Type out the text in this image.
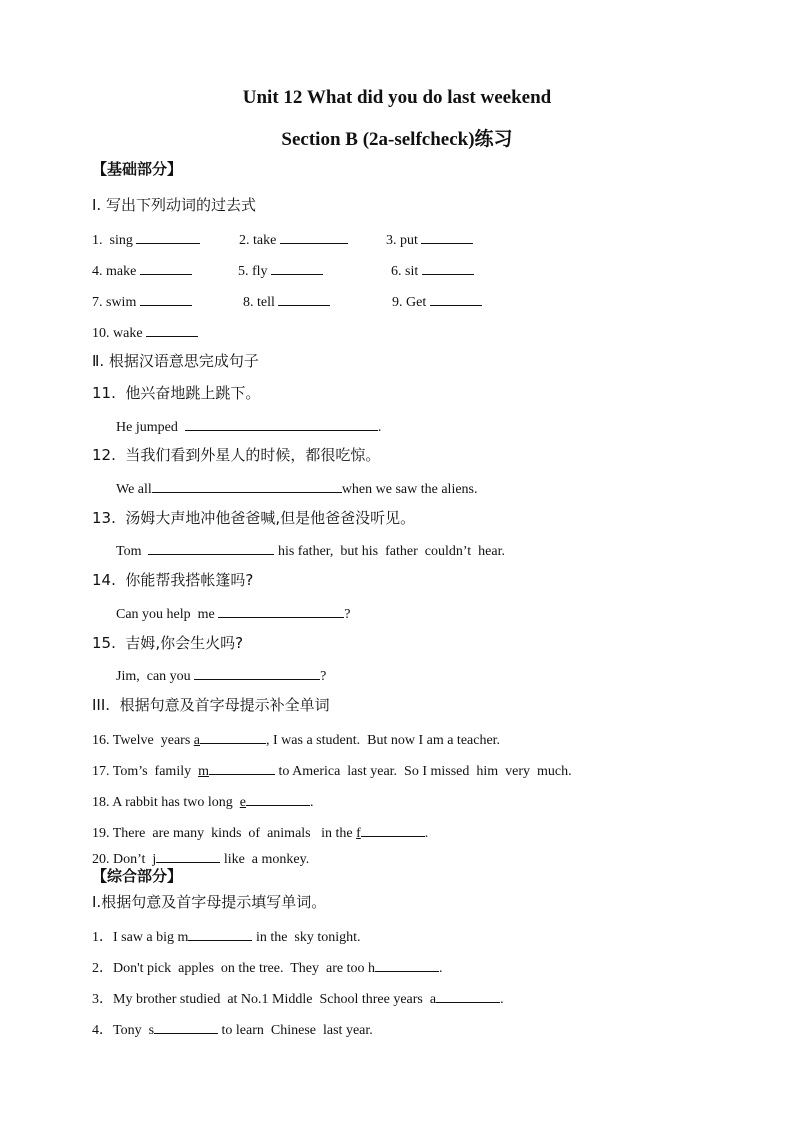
Unit 12 What did you do last weekend
Section B (2a-selfcheck)练习
【基础部分】
Ⅰ. 写出下列动词的过去式
1.  sing	2. take	3. put
4. make	5. fly	6. sit
7. swim	8. tell	9. Get
10. wake
Ⅱ. 根据汉语意思完成句子
11.  他兴奋地跳上跳下。
He jumped	.
12.  当我们看到外星人的时候，都很吃惊。
We all	when we saw the aliens.
13.  汤姆大声地冲他爸爸喊,但是他爸爸没听见。
Tom	his father,  but his  father  couldn’t  hear.
14.  你能帮我搭帐篷吗?
Can you help  me	?
15.  吉姆,你会生火吗?
Jim,  can you	?
III.  根据句意及首字母提示补全单词
16. Twelve  years a	, I was a student.  But now I am a teacher.
17. Tom’s  family  m	to America  last year.  So I missed  him  very  much.
18. A rabbit has two long  e	.
19. There  are many  kinds  of  animals   in the f	.
20. Don’t  j	like  a monkey.
【综合部分】
Ⅰ.根据句意及首字母提示填写单词。
1．I saw a big m	in the  sky tonight.
2．Don't pick  apples  on the tree.  They  are too h	.
3．My brother studied  at No.1 Middle  School three years  a	.
4．Tony  s	to learn  Chinese  last year.
